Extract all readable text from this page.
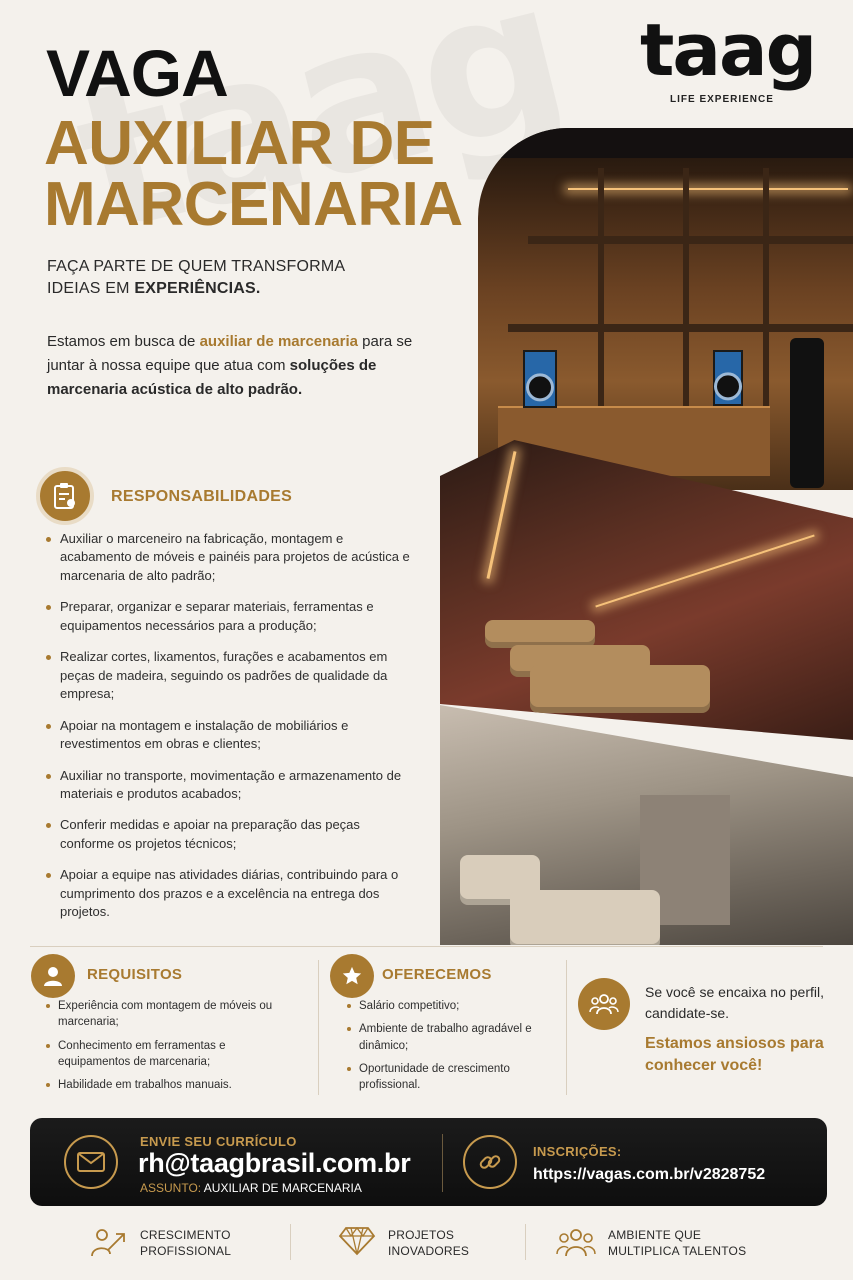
VAGA
AUXILIAR DE
MARCENARIA
FAÇA PARTE DE QUEM TRANSFORMA
IDEIAS EM EXPERIÊNCIAS.
Estamos em busca de auxiliar de marcenaria para se juntar à nossa equipe que atua com soluções de marcenaria acústica de alto padrão.
taag
LIFE EXPERIENCE
RESPONSABILIDADES
Auxiliar o marceneiro na fabricação, montagem e acabamento de móveis e painéis para projetos de acústica e marcenaria de alto padrão;
Preparar, organizar e separar materiais, ferramentas e equipamentos necessários para a produção;
Realizar cortes, lixamentos, furações e acabamentos em peças de madeira, seguindo os padrões de qualidade da empresa;
Apoiar na montagem e instalação de mobiliários e revestimentos em obras e clientes;
Auxiliar no transporte, movimentação e armazenamento de materiais e produtos acabados;
Conferir medidas e apoiar na preparação das peças conforme os projetos técnicos;
Apoiar a equipe nas atividades diárias, contribuindo para o cumprimento dos prazos e a excelência na entrega dos projetos.
REQUISITOS
Experiência com montagem de móveis ou marcenaria;
Conhecimento em ferramentas e equipamentos de marcenaria;
Habilidade em trabalhos manuais.
OFERECEMOS
Salário competitivo;
Ambiente de trabalho agradável e dinâmico;
Oportunidade de crescimento profissional.
Se você se encaixa no perfil, candidate-se.
Estamos ansiosos para conhecer você!
ENVIE SEU CURRÍCULO
rh@taagbrasil.com.br
ASSUNTO: AUXILIAR DE MARCENARIA
INSCRIÇÕES:
https://vagas.com.br/v2828752
CRESCIMENTO
PROFISSIONAL
PROJETOS
INOVADORES
AMBIENTE QUE
MULTIPLICA TALENTOS
